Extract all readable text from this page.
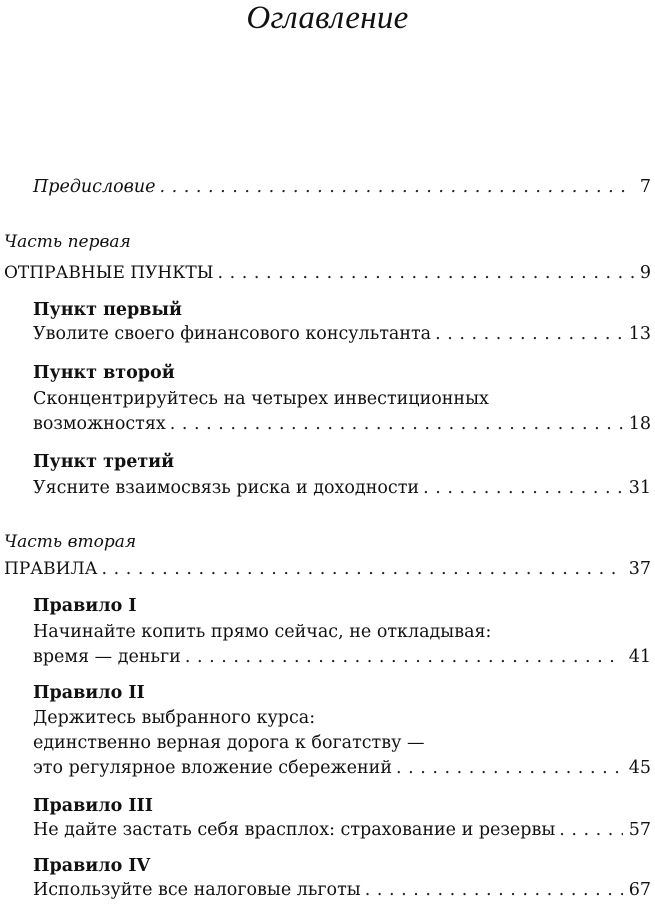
Оглавление
Предисловие . . .	7
Часть первая
ОТПРАВНЫЕ ПУНКТЫ . . .	9
Пункт первый
Уволите своего финансового консультанта . . .	13
Пункт второй
Сконцентрируйтесь на четырех инвестиционных
возможностях . . .	18
Пункт третий
Уясните взаимосвязь риска и доходности . . .	31
Часть вторая
ПРАВИЛА . . .	37
Правило I
Начинайте копить прямо сейчас, не откладывая:
время — деньги . . .	41
Правило II
Держитесь выбранного курса:
единственно верная дорога к богатству —
это регулярное вложение сбережений . . .	45
Правило III
Не дайте застать себя врасплох: страхование и резервы . . .	57
Правило IV
Используйте все налоговые льготы . . .	67
